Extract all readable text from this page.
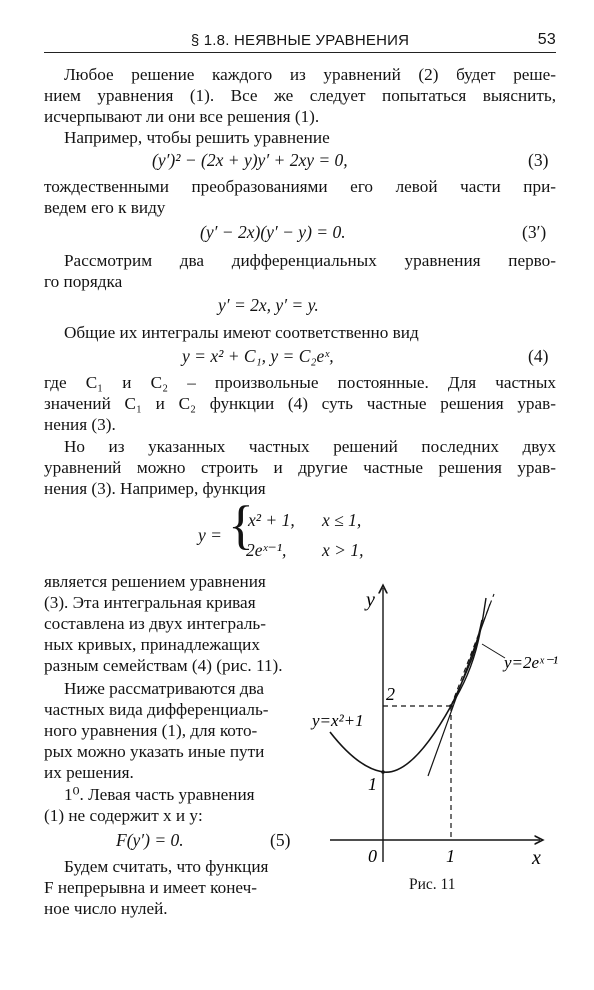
§ 1.8. НЕЯВНЫЕ УРАВНЕНИЯ	53
Любое решение каждого из уравнений (2) будет реше-
нием уравнения (1). Все же следует попытаться выяснить,
исчерпывают ли они все решения (1).
Например, чтобы решить уравнение
(y′)² − (2x + y)y′ + 2xy = 0,	(3)
тождественными преобразованиями его левой части при-
ведем его к виду
(y′ − 2x)(y′ − y) = 0.	(3′)
Рассмотрим два дифференциальных уравнения перво-
го порядка
y′ = 2x, y′ = y.
Общие их интегралы имеют соответственно вид
y = x² + C₁, y = C₂eˣ,	(4)
где C₁ и C₂ – произвольные постоянные. Для частных
значений C₁ и C₂ функции (4) суть частные решения урав-
нения (3).
Но из указанных частных решений последних двух
уравнений можно строить и другие частные решения урав-
нения (3). Например, функция
y = {
x² + 1, x ≤ 1,
2eˣ⁻¹, x > 1,
является решением уравнения
(3). Эта интегральная кривая
составлена из двух интеграль-
ных кривых, принадлежащих
разным семействам (4) (рис. 11).
Ниже рассматриваются два
частных вида дифференциаль-
ного уравнения (1), для кото-
рых можно указать иные пути
их решения.
1⁰. Левая часть уравнения
(1) не содержит x и y:
F(y′) = 0.	(5)
Будем считать, что функция
F непрерывна и имеет конеч-
ное число нулей.
y
x
0	1
1
2
y=2eˣ⁻¹
y=x²+1
Рис. 11
